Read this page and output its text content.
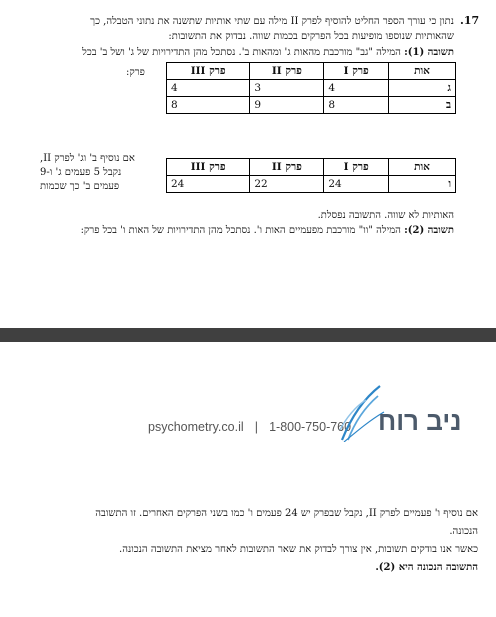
.17
נתון כי עורך הספר החליט להוסיף לפרק II מילה עם שתי אותיות שתשנה את נתוני הטבלה, כך
שהאותיות שנוספו מופיעות בכל הפרקים בכמות שווה. נבדוק את התשובות:
תשובה (1): המילה "גב" מורכבת מהאות ג' ומהאות ב'. נסתכל מהן התדירויות של ג' ושל ב' בכל
פרק:	אות	פרק I	פרק II	פרק III
ג	4	3	4
ב	8	9	8
אם נוסיף ב' וג' לפרק II,
נקבל 5 פעמים ג' ו-9
פעמים ב' כך שכמות
אות	פרק I	פרק II	פרק III
ו	24	22	24
האותיות לא שווה. התשובה נפסלת.
תשובה (2): המילה "וו" מורכבת מפעמיים האות ו'. נסתכל מהן התדירויות של האות ו' בכל פרק:
psychometry.co.il | 1-800-750-760 ניב רוח
אם נוסיף ו' פעמיים לפרק II, נקבל שבפרק יש 24 פעמים ו' כמו בשני הפרקים האחרים. זו התשובה
הנכונה.
כאשר אנו בודקים תשובות, אין צורך לבדוק את שאר התשובות לאחר מציאת התשובה הנכונה.
התשובה הנכונה היא (2).
